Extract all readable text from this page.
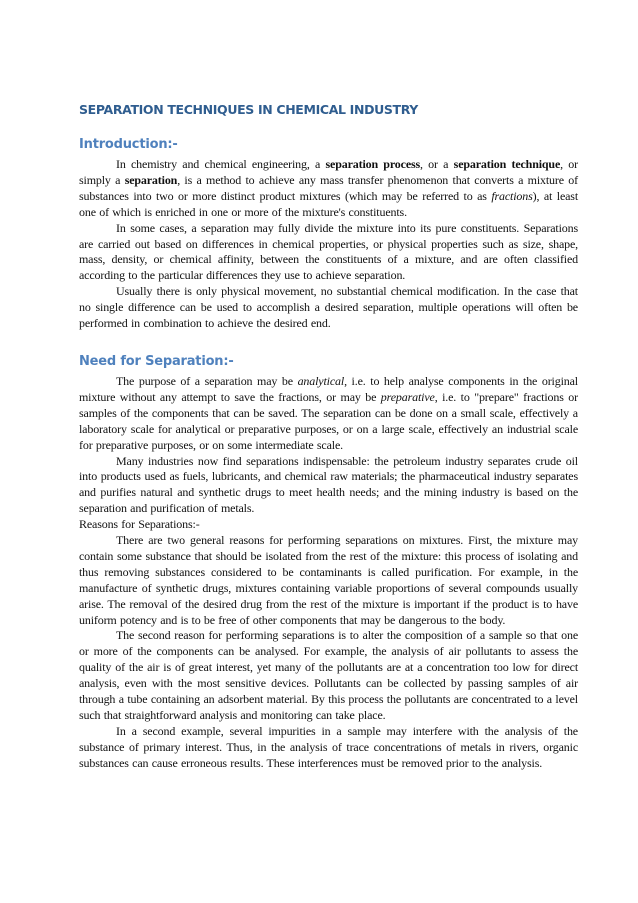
SEPARATION TECHNIQUES IN CHEMICAL INDUSTRY
Introduction:-

In chemistry and chemical engineering, a separation process, or a separation technique, or simply a separation, is a method to achieve any mass transfer phenomenon that converts a mixture of substances into two or more distinct product mixtures (which may be referred to as fractions), at least one of which is enriched in one or more of the mixture's constituents.

In some cases, a separation may fully divide the mixture into its pure constituents. Separations are carried out based on differences in chemical properties, or physical properties such as size, shape, mass, density, or chemical affinity, between the constituents of a mixture, and are often classified according to the particular differences they use to achieve separation.

Usually there is only physical movement, no substantial chemical modification. In the case that no single difference can be used to accomplish a desired separation, multiple operations will often be performed in combination to achieve the desired end.

Need for Separation:-

The purpose of a separation may be analytical, i.e. to help analyse components in the original mixture without any attempt to save the fractions, or may be preparative, i.e. to "prepare" fractions or samples of the components that can be saved. The separation can be done on a small scale, effectively a laboratory scale for analytical or preparative purposes, or on a large scale, effectively an industrial scale for preparative purposes, or on some intermediate scale.

Many industries now find separations indispensable: the petroleum industry separates crude oil into products used as fuels, lubricants, and chemical raw materials; the pharmaceutical industry separates and purifies natural and synthetic drugs to meet health needs; and the mining industry is based on the separation and purification of metals.

Reasons for Separations:-

There are two general reasons for performing separations on mixtures. First, the mixture may contain some substance that should be isolated from the rest of the mixture: this process of isolating and thus removing substances considered to be contaminants is called purification. For example, in the manufacture of synthetic drugs, mixtures containing variable proportions of several compounds usually arise. The removal of the desired drug from the rest of the mixture is important if the product is to have uniform potency and is to be free of other components that may be dangerous to the body.

The second reason for performing separations is to alter the composition of a sample so that one or more of the components can be analysed. For example, the analysis of air pollutants to assess the quality of the air is of great interest, yet many of the pollutants are at a concentration too low for direct analysis, even with the most sensitive devices. Pollutants can be collected by passing samples of air through a tube containing an adsorbent material. By this process the pollutants are concentrated to a level such that straightforward analysis and monitoring can take place.

In a second example, several impurities in a sample may interfere with the analysis of the substance of primary interest. Thus, in the analysis of trace concentrations of metals in rivers, organic substances can cause erroneous results. These interferences must be removed prior to the analysis.
